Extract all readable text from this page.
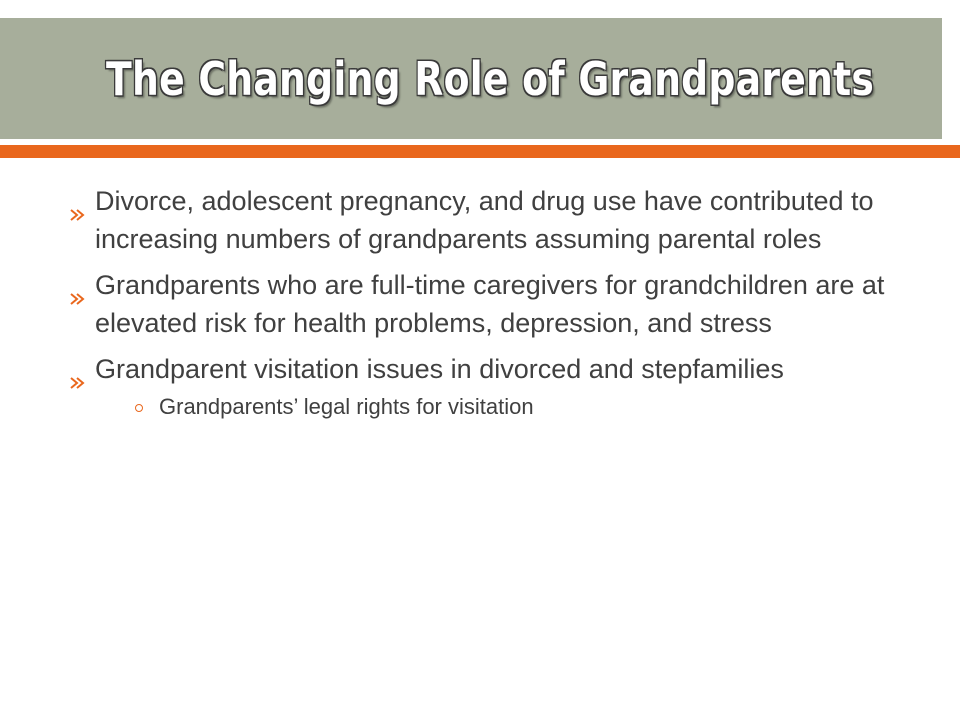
The Changing Role of Grandparents
Divorce, adolescent pregnancy, and drug use have contributed to increasing numbers of grandparents assuming parental roles
Grandparents who are full-time caregivers for grandchildren are at elevated risk for health problems, depression, and stress
Grandparent visitation issues in divorced and stepfamilies
Grandparents’ legal rights for visitation
